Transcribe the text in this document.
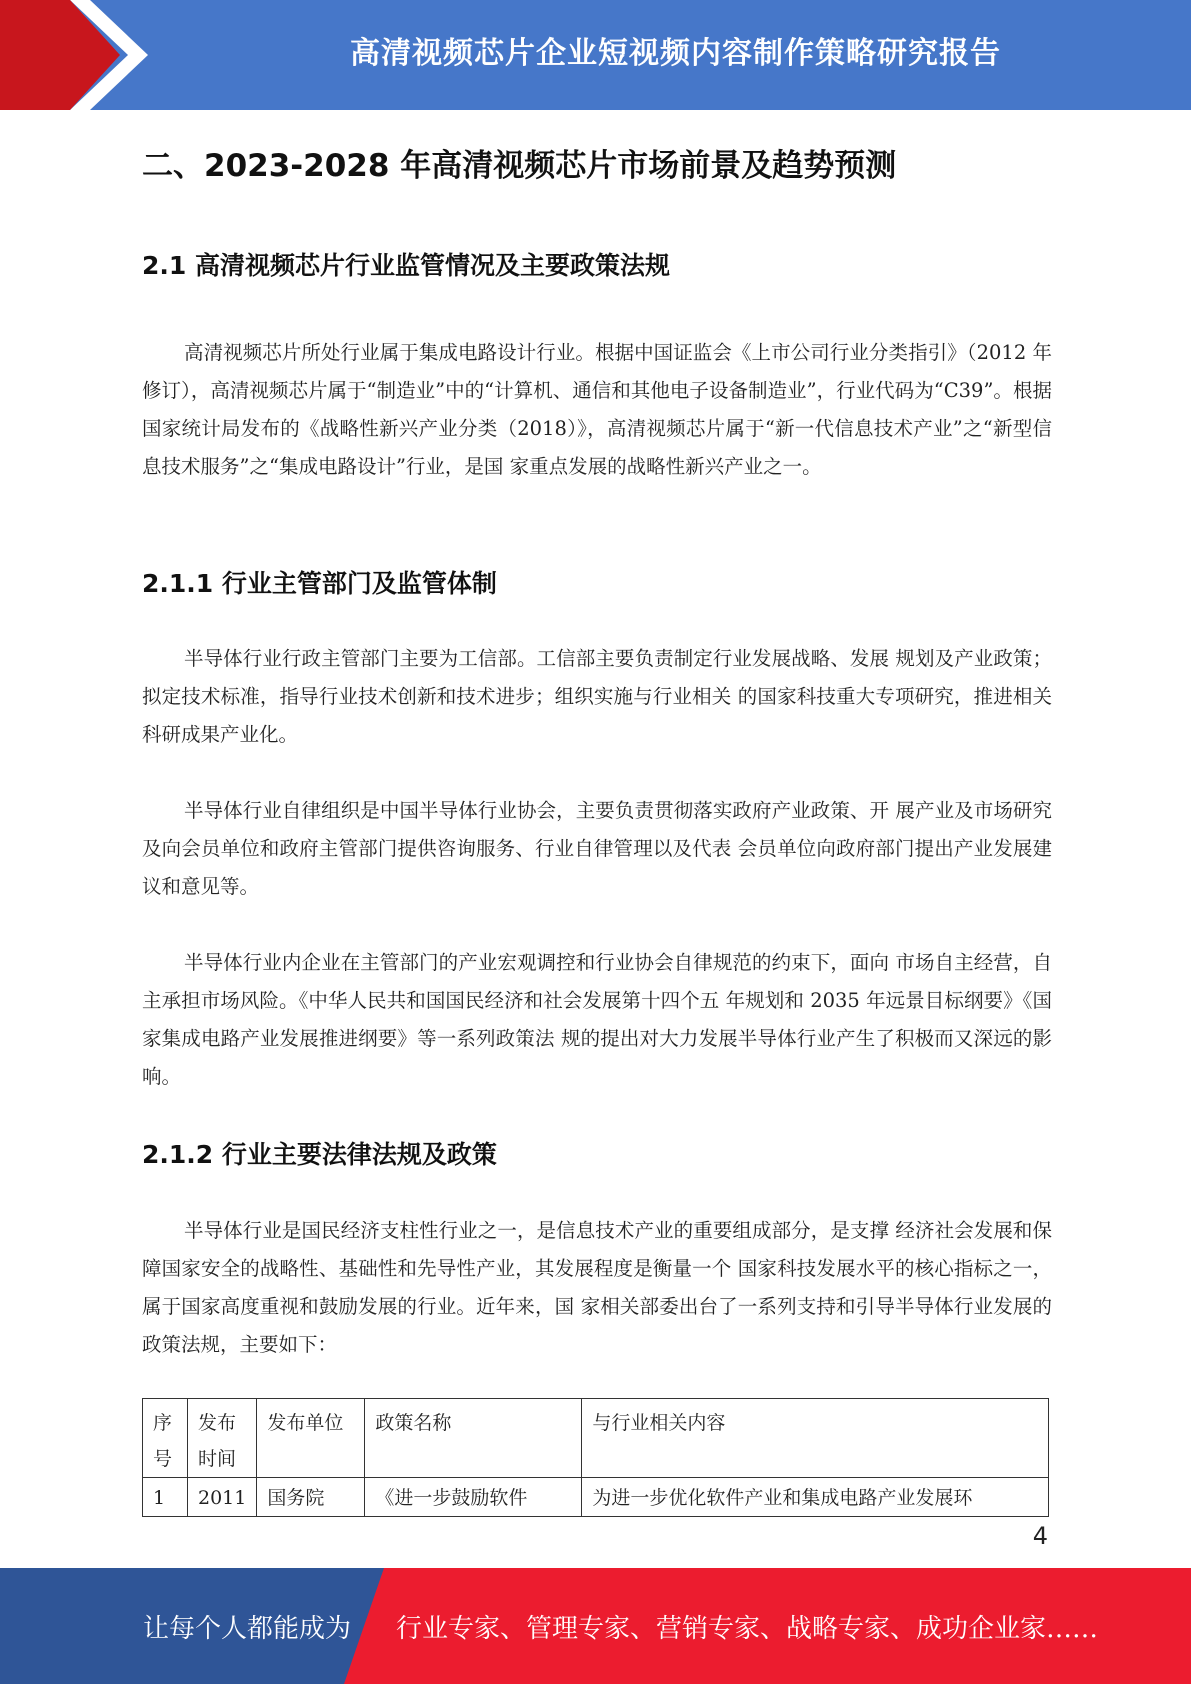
高清视频芯片企业短视频内容制作策略研究报告
二、2023-2028 年高清视频芯片市场前景及趋势预测
2.1 高清视频芯片行业监管情况及主要政策法规

高清视频芯片所处行业属于集成电路设计行业。根据中国证监会《上市公司行业分类指引》（2012 年修订），高清视频芯片属于“制造业”中的“计算机、通信和其他电子设备制造业”，行业代码为“C39”。根据国家统计局发布的《战略性新兴产业分类（2018）》，高清视频芯片属于“新一代信息技术产业”之“新型信息技术服务”之“集成电路设计”行业，是国 家重点发展的战略性新兴产业之一。

2.1.1 行业主管部门及监管体制

半导体行业行政主管部门主要为工信部。工信部主要负责制定行业发展战略、发展 规划及产业政策；拟定技术标准，指导行业技术创新和技术进步；组织实施与行业相关 的国家科技重大专项研究，推进相关科研成果产业化。

半导体行业自律组织是中国半导体行业协会，主要负责贯彻落实政府产业政策、开 展产业及市场研究及向会员单位和政府主管部门提供咨询服务、行业自律管理以及代表 会员单位向政府部门提出产业发展建议和意见等。

半导体行业内企业在主管部门的产业宏观调控和行业协会自律规范的约束下，面向 市场自主经营，自主承担市场风险。《中华人民共和国国民经济和社会发展第十四个五 年规划和 2035 年远景目标纲要》《国家集成电路产业发展推进纲要》等一系列政策法 规的提出对大力发展半导体行业产生了积极而又深远的影响。

2.1.2 行业主要法律法规及政策

半导体行业是国民经济支柱性行业之一，是信息技术产业的重要组成部分，是支撑 经济社会发展和保障国家安全的战略性、基础性和先导性产业，其发展程度是衡量一个 国家科技发展水平的核心指标之一，属于国家高度重视和鼓励发展的行业。近年来，国 家相关部委出台了一系列支持和引导半导体行业发展的政策法规，主要如下：

序号	发布时间	发布单位	政策名称	与行业相关内容
1	2011	国务院	《进一步鼓励软件	为进一步优化软件产业和集成电路产业发展环
4
让每个人都能成为 行业专家、管理专家、营销专家、战略专家、成功企业家……
